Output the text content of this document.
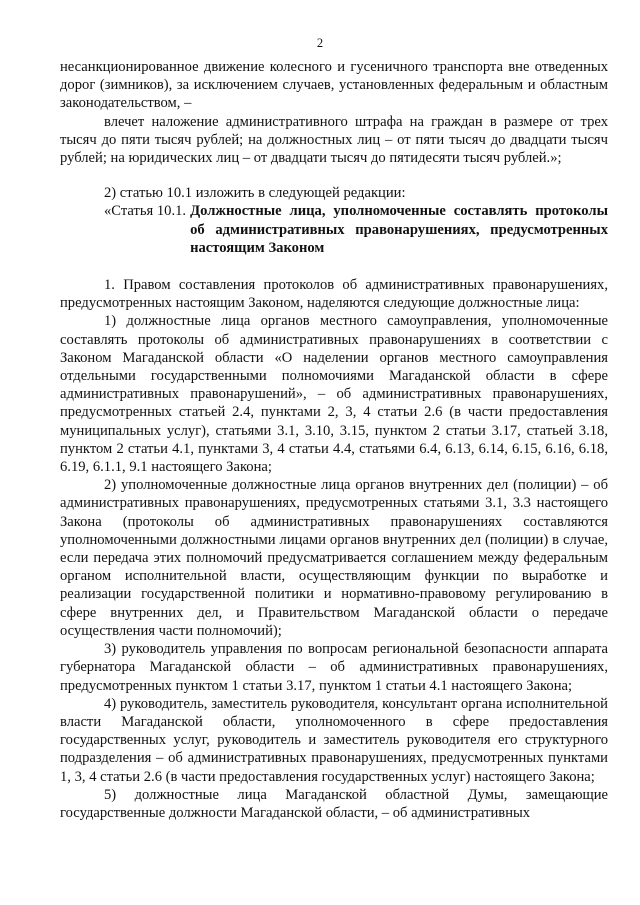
2

несанкционированное движение колесного и гусеничного транспорта вне отведенных дорог (зимников), за исключением случаев, установленных федеральным и областным законодательством, –

влечет наложение административного штрафа на граждан в размере от трех тысяч до пяти тысяч рублей; на должностных лиц – от пяти тысяч до двадцати тысяч рублей; на юридических лиц – от двадцати тысяч до пятидесяти тысяч рублей.»;

2) статью 10.1 изложить в следующей редакции:

«Статья 10.1. Должностные лица, уполномоченные составлять протоколы об административных правонарушениях, предусмотренных настоящим Законом

1. Правом составления протоколов об административных правонарушениях, предусмотренных настоящим Законом, наделяются следующие должностные лица:

1) должностные лица органов местного самоуправления, уполномоченные составлять протоколы об административных правонарушениях в соответствии с Законом Магаданской области «О наделении органов местного самоуправления отдельными государственными полномочиями Магаданской области в сфере административных правонарушений», – об административных правонарушениях, предусмотренных статьей 2.4, пунктами 2, 3, 4 статьи 2.6 (в части предоставления муниципальных услуг), статьями 3.1, 3.10, 3.15, пунктом 2 статьи 3.17, статьей 3.18, пунктом 2 статьи 4.1, пунктами 3, 4 статьи 4.4, статьями 6.4, 6.13, 6.14, 6.15, 6.16, 6.18, 6.19, 6.1.1, 9.1 настоящего Закона;

2) уполномоченные должностные лица органов внутренних дел (полиции) – об административных правонарушениях, предусмотренных статьями 3.1, 3.3 настоящего Закона (протоколы об административных правонарушениях составляются уполномоченными должностными лицами органов внутренних дел (полиции) в случае, если передача этих полномочий предусматривается соглашением между федеральным органом исполнительной власти, осуществляющим функции по выработке и реализации государственной политики и нормативно-правовому регулированию в сфере внутренних дел, и Правительством Магаданской области о передаче осуществления части полномочий);

3) руководитель управления по вопросам региональной безопасности аппарата губернатора Магаданской области – об административных правонарушениях, предусмотренных пунктом 1 статьи 3.17, пунктом 1 статьи 4.1 настоящего Закона;

4) руководитель, заместитель руководителя, консультант органа исполнительной власти Магаданской области, уполномоченного в сфере предоставления государственных услуг, руководитель и заместитель руководителя его структурного подразделения – об административных правонарушениях, предусмотренных пунктами 1, 3, 4 статьи 2.6 (в части предоставления государственных услуг) настоящего Закона;

5) должностные лица Магаданской областной Думы, замещающие государственные должности Магаданской области, – об административных
